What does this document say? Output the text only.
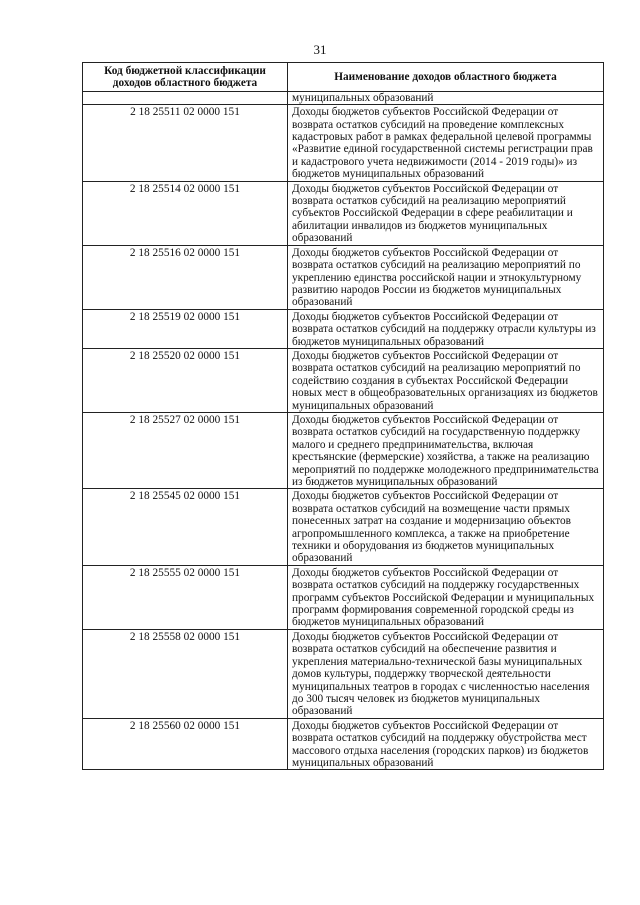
31
Код бюджетной классификации доходов областного бюджета	Наименование доходов областного бюджета
	муниципальных образований
2 18 25511 02 0000 151	Доходы бюджетов субъектов Российской Федерации от возврата остатков субсидий на проведение комплексных кадастровых работ в рамках федеральной целевой программы «Развитие единой государственной системы регистрации прав и кадастрового учета недвижимости (2014 - 2019 годы)» из бюджетов муниципальных образований
2 18 25514 02 0000 151	Доходы бюджетов субъектов Российской Федерации от возврата остатков субсидий на реализацию мероприятий субъектов Российской Федерации в сфере реабилитации и абилитации инвалидов из бюджетов муниципальных образований
2 18 25516 02 0000 151	Доходы бюджетов субъектов Российской Федерации от возврата остатков субсидий на реализацию мероприятий по укреплению единства российской нации и этнокультурному развитию народов России из бюджетов муниципальных образований
2 18 25519 02 0000 151	Доходы бюджетов субъектов Российской Федерации от возврата остатков субсидий на поддержку отрасли культуры из бюджетов муниципальных образований
2 18 25520 02 0000 151	Доходы бюджетов субъектов Российской Федерации от возврата остатков субсидий на реализацию мероприятий по содействию создания в субъектах Российской Федерации новых мест в общеобразовательных организациях из бюджетов муниципальных образований
2 18 25527 02 0000 151	Доходы бюджетов субъектов Российской Федерации от возврата остатков субсидий на государственную поддержку малого и среднего предпринимательства, включая крестьянские (фермерские) хозяйства, а также на реализацию мероприятий по поддержке молодежного предпринимательства из бюджетов муниципальных образований
2 18 25545 02 0000 151	Доходы бюджетов субъектов Российской Федерации от возврата остатков субсидий на возмещение части прямых понесенных затрат на создание и модернизацию объектов агропромышленного комплекса, а также на приобретение техники и оборудования из бюджетов муниципальных образований
2 18 25555 02 0000 151	Доходы бюджетов субъектов Российской Федерации от возврата остатков субсидий на поддержку государственных программ субъектов Российской Федерации и муниципальных программ формирования современной городской среды из бюджетов муниципальных образований
2 18 25558 02 0000 151	Доходы бюджетов субъектов Российской Федерации от возврата остатков субсидий на обеспечение развития и укрепления материально-технической базы муниципальных домов культуры, поддержку творческой деятельности муниципальных театров в городах с численностью населения до 300 тысяч человек из бюджетов муниципальных образований
2 18 25560 02 0000 151	Доходы бюджетов субъектов Российской Федерации от возврата остатков субсидий на поддержку обустройства мест массового отдыха населения (городских парков) из бюджетов муниципальных образований
